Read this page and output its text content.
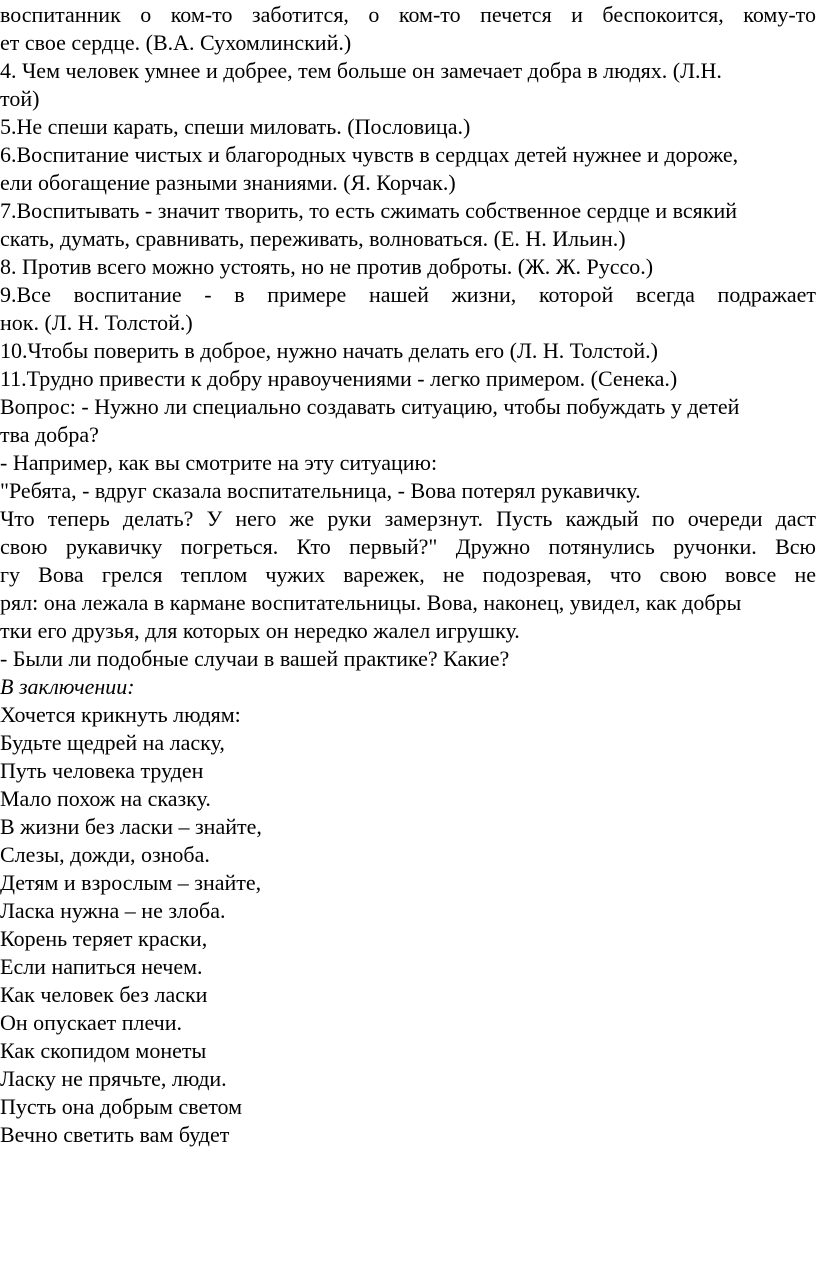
воспитанник о ком-то заботится, о ком-то печется и беспокоится, кому-то
ет свое сердце. (В.А. Сухомлинский.)
4. Чем человек умнее и добрее, тем больше он замечает добра в людях. (Л.Н.
той)
5.Не спеши карать, спеши миловать. (Пословица.)
6.Воспитание чистых и благородных чувств в сердцах детей нужнее и дороже,
ели обогащение разными знаниями. (Я. Корчак.)
7.Воспитывать - значит творить, то есть сжимать собственное сердце и всякий
скать, думать, сравнивать, переживать, волноваться. (Е. Н. Ильин.)
8. Против всего можно устоять, но не против доброты. (Ж. Ж. Руссо.)
9.Все воспитание - в примере нашей жизни, которой всегда подражает
нок. (Л. Н. Толстой.)
10.Чтобы поверить в доброе, нужно начать делать его (Л. Н. Толстой.)
11.Трудно привести к добру нравоучениями - легко примером. (Сенека.)
Вопрос: - Нужно ли специально создавать ситуацию, чтобы побуждать у детей
тва добра?
- Например, как вы смотрите на эту ситуацию:
"Ребята, - вдруг сказала воспитательница, - Вова потерял рукавичку.
Что теперь делать? У него же руки замерзнут. Пусть каждый по очереди даст
свою рукавичку погреться. Кто первый?" Дружно потянулись ручонки. Всю
гу Вова грелся теплом чужих варежек, не подозревая, что свою вовсе не
рял: она лежала в кармане воспитательницы. Вова, наконец, увидел, как добры
тки его друзья, для которых он нередко жалел игрушку.
- Были ли подобные случаи в вашей практике? Какие?
В заключении:
Хочется крикнуть людям:
Будьте щедрей на ласку,
Путь человека труден
Мало похож на сказку.
В жизни без ласки – знайте,
Слезы, дожди, озноба.
Детям и взрослым – знайте,
Ласка нужна – не злоба.
Корень теряет краски,
Если напиться нечем.
Как человек без ласки
Он опускает плечи.
Как скопидом монеты
Ласку не прячьте, люди.
Пусть она добрым светом
Вечно светить вам будет
